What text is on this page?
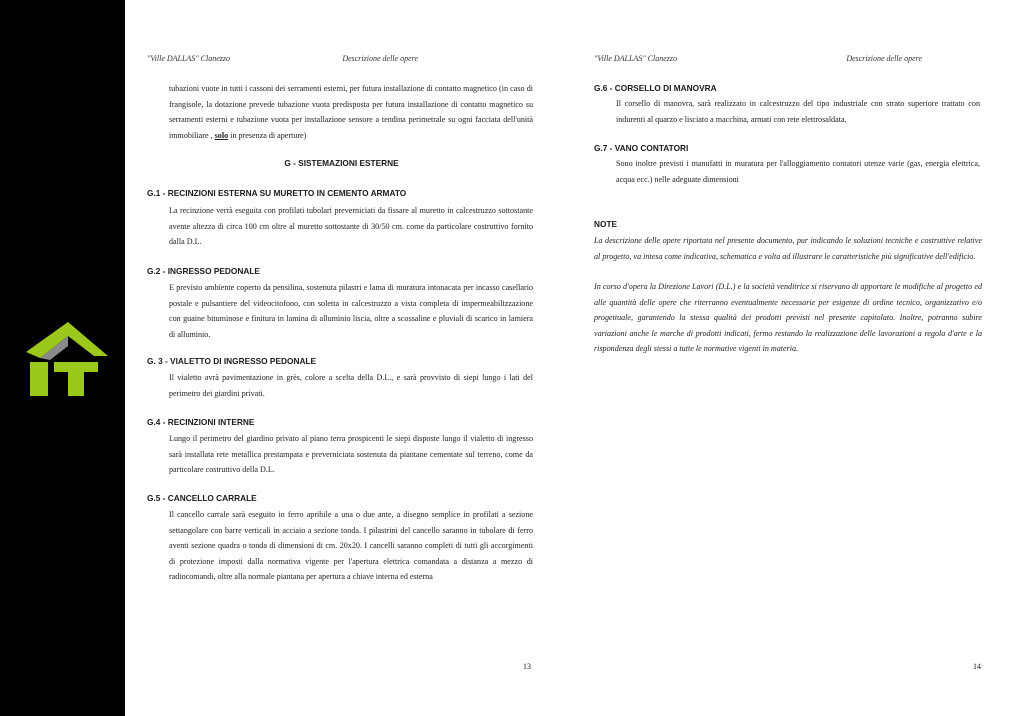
"Ville DALLAS" Clanezzo	Descrizione delle opere
tubazioni vuote in tutti i cassoni dei serramenti esterni, per futura installazione di contatto magnetico (in caso di frangisole, la dotazione prevede tubazione vuota predisposta per futura installazione di contatto magnetico su serramenti esterni e tubazione vuota per installazione sensore a tendina perimetrale su ogni facciata dell'unità immobiliare , solo in presenza di aperture)
G - SISTEMAZIONI ESTERNE
G.1 - RECINZIONI ESTERNA SU MURETTO IN CEMENTO ARMATO
La recinzione verrà eseguita con profilati tubolari preverniciati da fissare al muretto in calcestruzzo sottostante avente altezza di circa 100 cm oltre al muretto sottostante di 30/50 cm. come da particolare costruttivo fornito dalla D.L.
G.2 - INGRESSO PEDONALE
E previsto ambiente coperto da pensilina, sostenuta pilastri e lama di muratura intonacata per incasso casellario postale e pulsantiere del videocitofono, con soletta in calcestruzzo a vista completa di impermeabilizzazione con guaine bituminose e finitura in lamina di alluminio liscia, oltre a scossaline e pluviali di scarico in lamiera di alluminio.
G. 3 - VIALETTO DI INGRESSO PEDONALE
Il vialetto avrà pavimentazione in grès, colore a scelta della D.L., e sarà provvisto di siepi lungo i lati del perimetro dei giardini privati.
G.4 - RECINZIONI INTERNE
Lungo il perimetro del giardino privato al piano terra prospicenti le siepi disposte lungo il vialetto di ingresso sarà installata rete metallica prestampata e preverniciata sostenuta da piantane cementate sul terreno, come da particolare costruttivo della D.L.
G.5 - CANCELLO CARRALE
Il cancello carrale sarà eseguito in ferro apribile a una o due ante, a disegno semplice in profilati a sezione settangolare con barre verticali in acciaio a sezione tonda. I pilastrini del cancello saranno in tubolare di ferro aventi sezione quadra o tonda di dimensioni di cm. 20x20. I cancelli saranno completi di tutti gli accorgimenti di protezione imposti dalla normativa vigente per l'apertura elettrica comandata a distanza a mezzo di radiocomandi, oltre alla normale piantana per apertura a chiave interna ed esterna
13
"Ville DALLAS" Clanezzo	Descrizione delle opere
G.6 - CORSELLO DI MANOVRA
Il corsello di manovra, sarà realizzato in calcestruzzo del tipo industriale con strato superiore trattato con indurenti al quarzo e lisciato a macchina, armati con rete elettrosaldata.
G.7 - VANO CONTATORI
Sono inoltre previsti i manufatti in muratura per l'alloggiamento contatori utenze varie (gas, energia elettrica, acqua ecc.) nelle adeguate dimensioni
NOTE
La descrizione delle opere riportata nel presente documento, pur indicando le soluzioni tecniche e costruttive relative al progetto, va intesa come indicativa, schematica e volta ad illustrare le caratteristiche più significative dell'edificio.
In corso d'opera la Direzione Lavori (D.L.) e la società venditrice si riservano di apportare le modifiche al progetto ed alle quantità delle opere che riterranno eventualmente necessarie per esigenze di ordine tecnico, organizzativo e/o progettuale, garantendo la stessa qualità dei prodotti previsti nel presente capitolato. Inoltre, potranno subire variazioni anche le marche di prodotti indicati, fermo restando la realizzazione delle lavorazioni a regola d'arte e la rispondenza degli stessi a tutte le normative vigenti in materia.
14
